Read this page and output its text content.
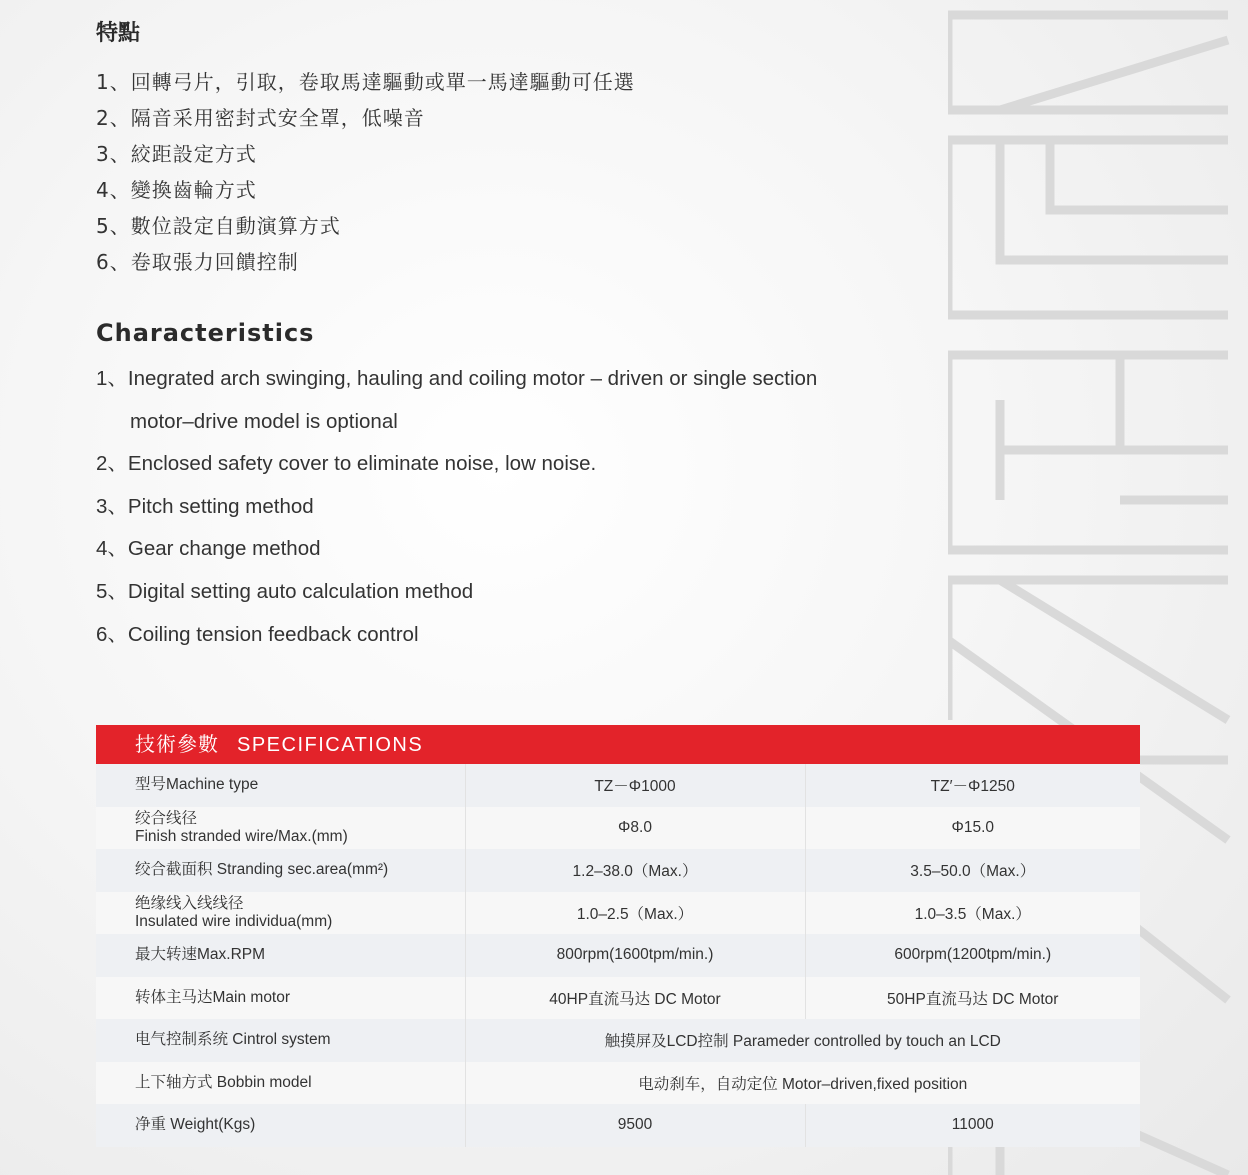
特點
1、回轉弓片，引取，卷取馬達驅動或單一馬達驅動可任選
2、隔音采用密封式安全罩，低噪音
3、絞距設定方式
4、變換齒輪方式
5、數位設定自動演算方式
6、卷取張力回饋控制
Characteristics
1、Inegrated arch swinging, hauling and coiling motor – driven or single section
motor–drive model is optional
2、Enclosed safety cover to eliminate noise, low noise.
3、Pitch setting method
4、Gear change method
5、Digital setting auto calculation method
6、Coiling tension feedback control
技術參數 SPECIFICATIONS
型号Machine type	TZ－Φ1000	TZ′－Φ1250

绞合线径
Finish stranded wire/Max.(mm)	Φ8.0	Φ15.0
绞合截面积 Stranding sec.area(mm²)	1.2–38.0（Max.）	3.5–50.0（Max.）

绝缘线入线线径
Insulated wire individua(mm)	1.0–2.5（Max.）	1.0–3.5（Max.）
最大转速Max.RPM	800rpm(1600tpm/min.)	600rpm(1200tpm/min.)
转体主马达Main motor	40HP直流马达 DC Motor	50HP直流马达 DC Motor
电气控制系统 Cintrol system	触摸屏及LCD控制 Parameder controlled by touch an LCD	
上下轴方式 Bobbin model	电动刹车，自动定位 Motor–driven,fixed position	
净重 Weight(Kgs)	9500	11000
